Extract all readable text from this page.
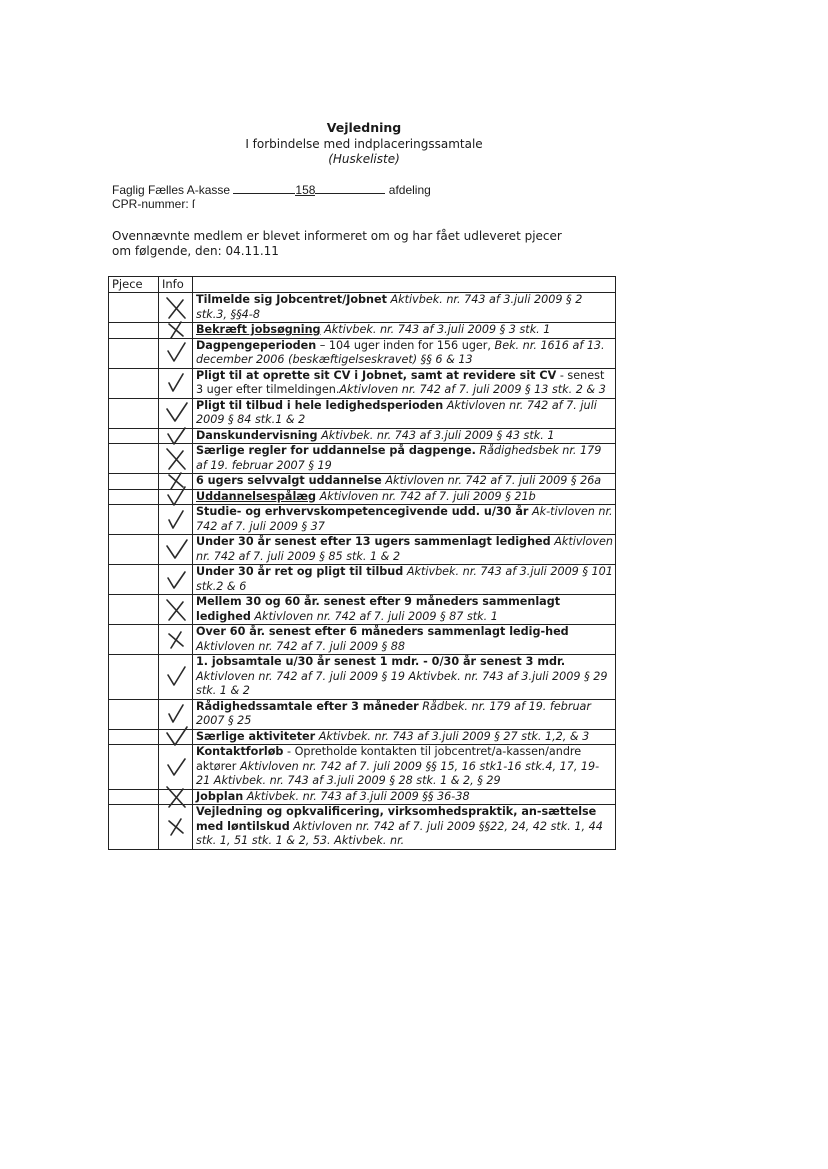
Vejledning
I forbindelse med indplaceringssamtale
(Huskeliste)
Faglig Fælles A-kasse	158	afdeling
CPR-nummer: ſ
Ovennævnte medlem er blevet informeret om og har fået udleveret pjecer
om følgende, den: 04.11.11
Pjece	Info	

	Tilmelde sig Jobcentret/Jobnet Aktivbek. nr. 743 af 3.juli 2009 § 2 stk.3, §§4-8

	Bekræft jobsøgning Aktivbek. nr. 743 af 3.juli 2009 § 3 stk. 1

	Dagpengeperioden – 104 uger inden for 156 uger, Bek. nr. 1616 af 13. december 2006 (beskæftigelseskravet) §§ 6 & 13

	Pligt til at oprette sit CV i Jobnet, samt at revidere sit CV - senest 3 uger efter tilmeldingen.Aktivloven nr. 742 af 7. juli 2009 § 13 stk. 2 & 3

	Pligt til tilbud i hele ledighedsperioden Aktivloven nr. 742 af 7. juli 2009 § 84 stk.1 & 2

	Danskundervisning Aktivbek. nr. 743 af 3.juli 2009 § 43 stk. 1

	Særlige regler for uddannelse på dagpenge. Rådighedsbek nr. 179 af 19. februar 2007 § 19

	6 ugers selvvalgt uddannelse Aktivloven nr. 742 af 7. juli 2009 § 26a

	Uddannelsespålæg Aktivloven nr. 742 af 7. juli 2009 § 21b

	Studie- og erhvervskompetencegivende udd. u/30 år Ak-tivloven nr. 742 af 7. juli 2009 § 37

	Under 30 år senest efter 13 ugers sammenlagt ledighed Aktivloven nr. 742 af 7. juli 2009 § 85 stk. 1 & 2

	Under 30 år ret og pligt til tilbud Aktivbek. nr. 743 af 3.juli 2009 § 101 stk.2 & 6

	Mellem 30 og 60 år. senest efter 9 måneders sammenlagt ledighed Aktivloven nr. 742 af 7. juli 2009 § 87 stk. 1

	Over 60 år. senest efter 6 måneders sammenlagt ledig-hed Aktivloven nr. 742 af 7. juli 2009 § 88

	1. jobsamtale u/30 år senest 1 mdr. - 0/30 år senest 3 mdr. Aktivloven nr. 742 af 7. juli 2009 § 19 Aktivbek. nr. 743 af 3.juli 2009 § 29 stk. 1 & 2

	Rådighedssamtale efter 3 måneder Rådbek. nr. 179 af 19. februar 2007 § 25

	Særlige aktiviteter Aktivbek. nr. 743 af 3.juli 2009 § 27 stk. 1,2, & 3

	Kontaktforløb - Opretholde kontakten til jobcentret/a-kassen/andre aktører Aktivloven nr. 742 af 7. juli 2009 §§ 15, 16 stk1-16 stk.4, 17, 19-21 Aktivbek. nr. 743 af 3.juli 2009 § 28 stk. 1 & 2, § 29

	Jobplan Aktivbek. nr. 743 af 3.juli 2009 §§ 36-38

	Vejledning og opkvalificering, virksomhedspraktik, an-sættelse med løntilskud Aktivloven nr. 742 af 7. juli 2009 §§22, 24, 42 stk. 1, 44 stk. 1, 51 stk. 1 & 2, 53. Aktivbek. nr.
